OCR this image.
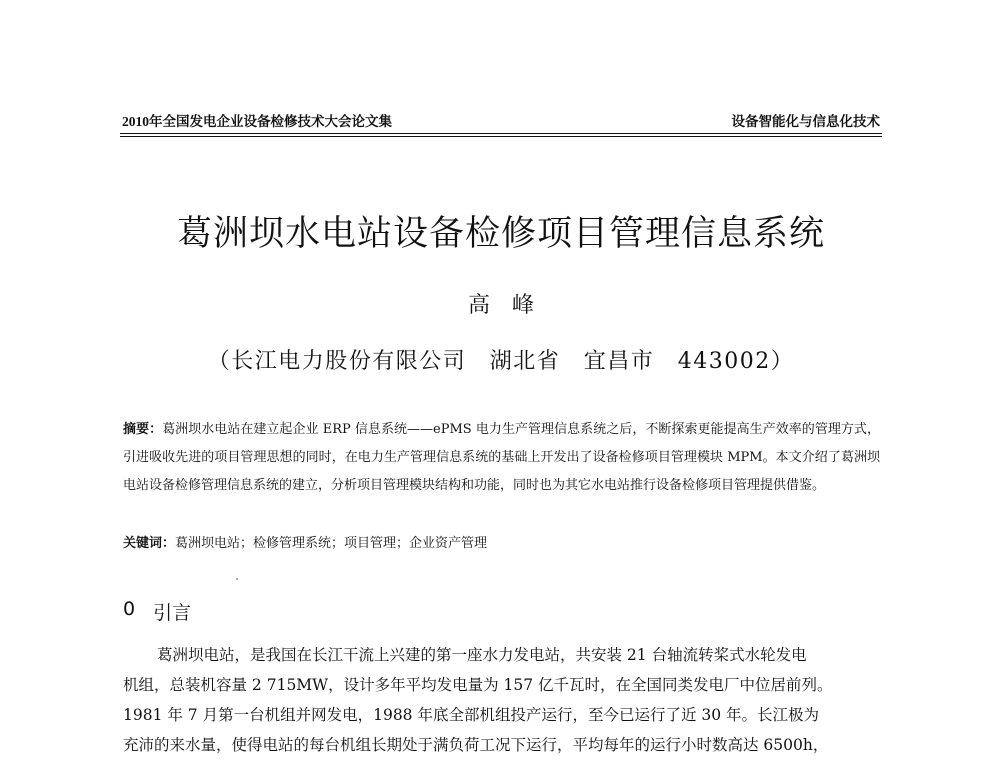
2010年全国发电企业设备检修技术大会论文集	设备智能化与信息化技术
葛洲坝水电站设备检修项目管理信息系统
高峰
（长江电力股份有限公司　湖北省　宜昌市　443002）
摘要：葛洲坝水电站在建立起企业 ERP 信息系统——ePMS 电力生产管理信息系统之后，不断探索更能提高生产效率的管理方式，引进吸收先进的项目管理思想的同时，在电力生产管理信息系统的基础上开发出了设备检修项目管理模块 MPM。本文介绍了葛洲坝电站设备检修管理信息系统的建立，分析项目管理模块结构和功能，同时也为其它水电站推行设备检修项目管理提供借鉴。
关键词：葛洲坝电站；检修管理系统；项目管理；企业资产管理
0 引言
葛洲坝电站，是我国在长江干流上兴建的第一座水力发电站，共安装 21 台轴流转桨式水轮发电
机组，总装机容量 2 715MW，设计多年平均发电量为 157 亿千瓦时，在全国同类发电厂中位居前列。
1981 年 7 月第一台机组并网发电，1988 年底全部机组投产运行，至今已运行了近 30 年。长江极为
充沛的来水量，使得电站的每台机组长期处于满负荷工况下运行，平均每年的运行小时数高达 6500h，
